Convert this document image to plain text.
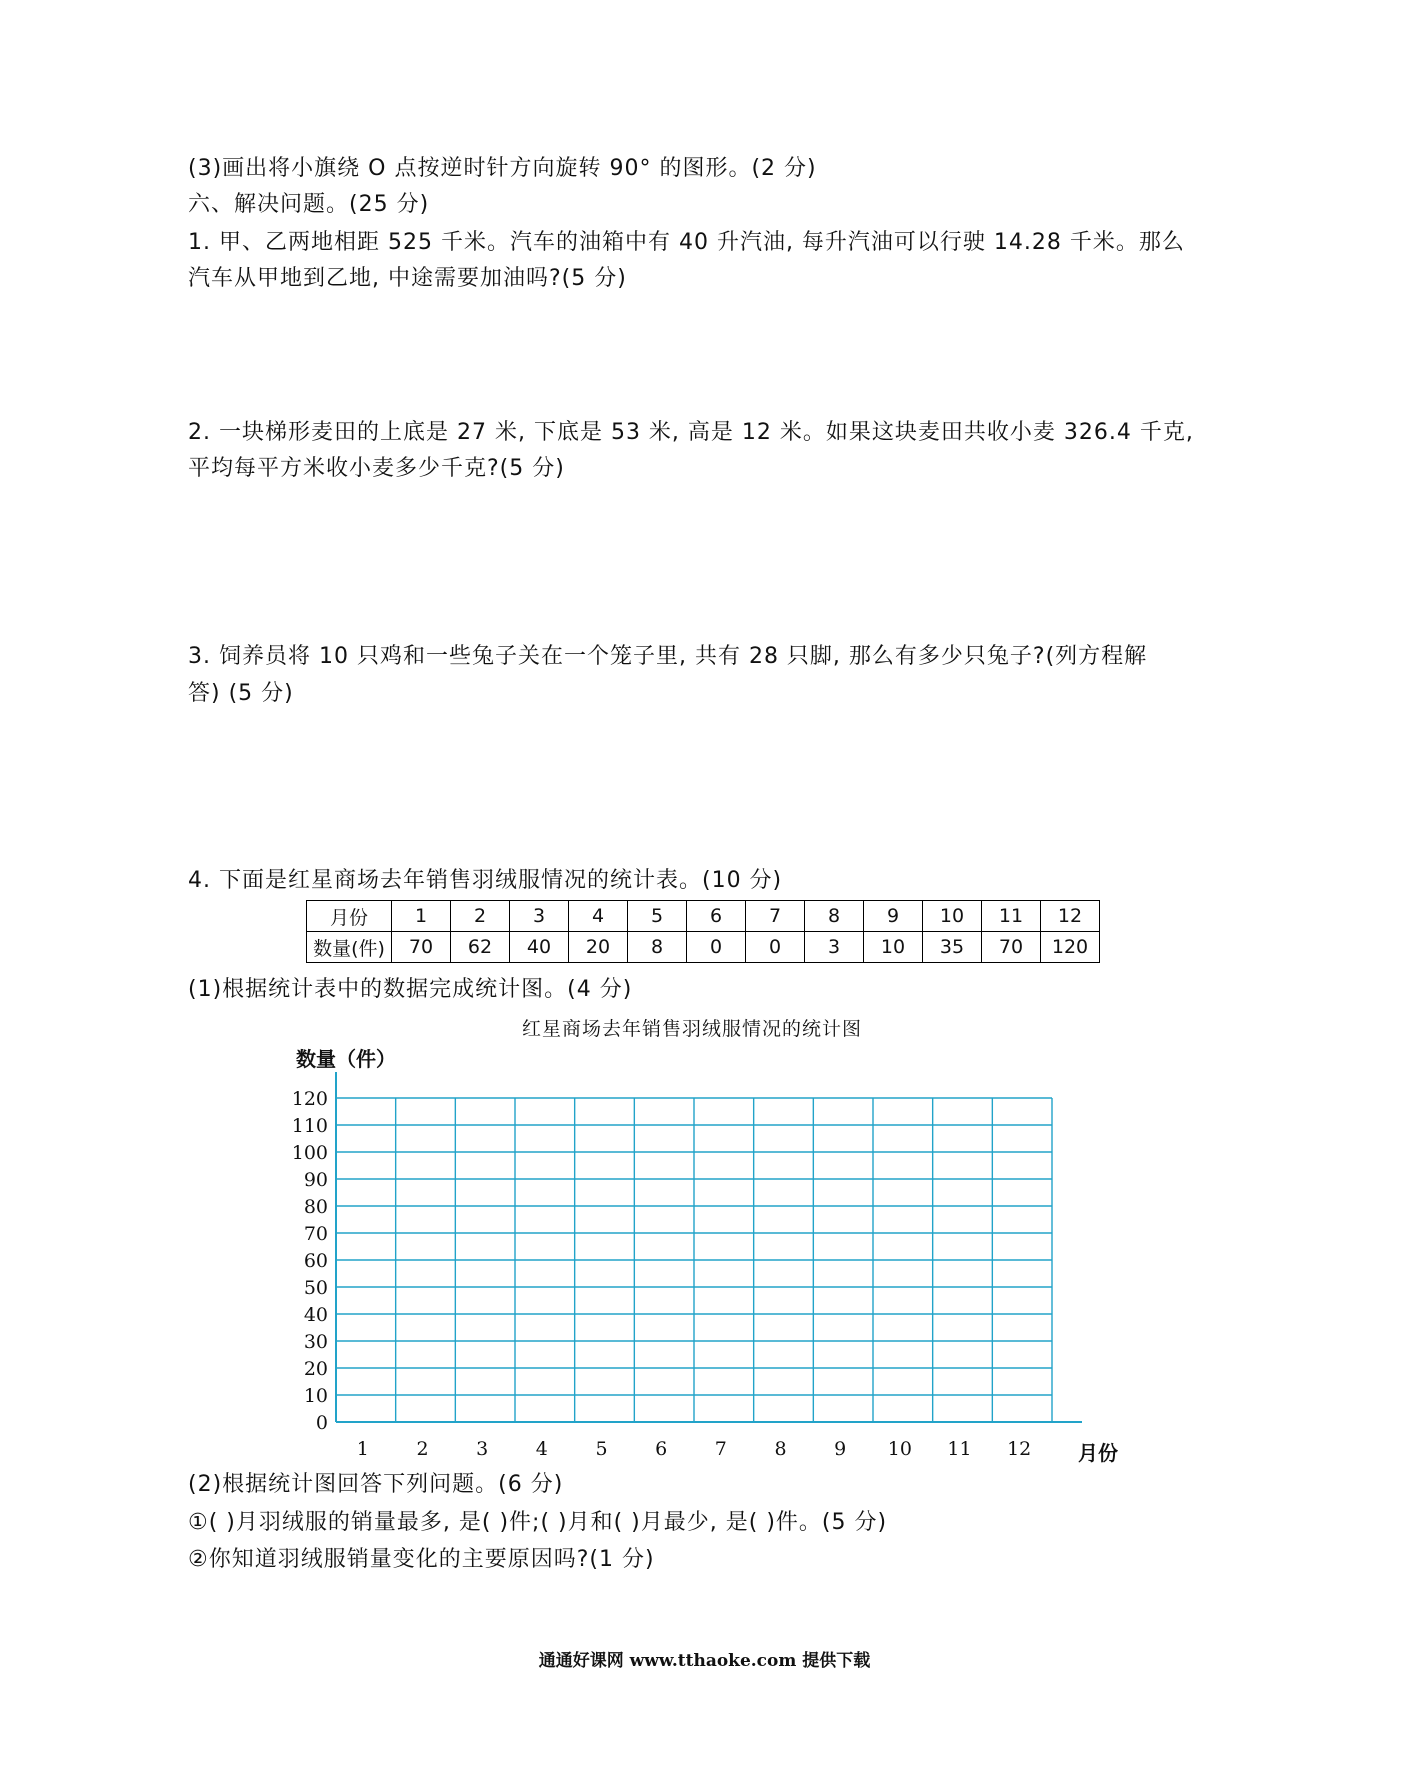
(3)画出将小旗绕 O 点按逆时针方向旋转 90° 的图形。(2 分)
六、解决问题。(25 分)
1. 甲、乙两地相距 525 千米。汽车的油箱中有 40 升汽油, 每升汽油可以行驶 14.28 千米。那么
汽车从甲地到乙地, 中途需要加油吗?(5 分)
2. 一块梯形麦田的上底是 27 米, 下底是 53 米, 高是 12 米。如果这块麦田共收小麦 326.4 千克,
平均每平方米收小麦多少千克?(5 分)
3. 饲养员将 10 只鸡和一些兔子关在一个笼子里, 共有 28 只脚, 那么有多少只兔子?(列方程解
答) (5 分)
4. 下面是红星商场去年销售羽绒服情况的统计表。(10 分)
月份	1	2	3	4	5	6	7	8	9	10	11	12
数量(件)	70	62	40	20	8	0	0	3	10	35	70	120
(1)根据统计表中的数据完成统计图。(4 分)
红星商场去年销售羽绒服情况的统计图
0
10
20
30
40
50
60
70
80
90
100
110
120
1	2	3	4	5	6	7	8	9 10 11 12
数量（件）
月份
(2)根据统计图回答下列问题。(6 分)
①( )月羽绒服的销量最多, 是( )件;( )月和( )月最少, 是( )件。(5 分)
②你知道羽绒服销量变化的主要原因吗?(1 分)
通通好课网 www.tthaoke.com 提供下载
